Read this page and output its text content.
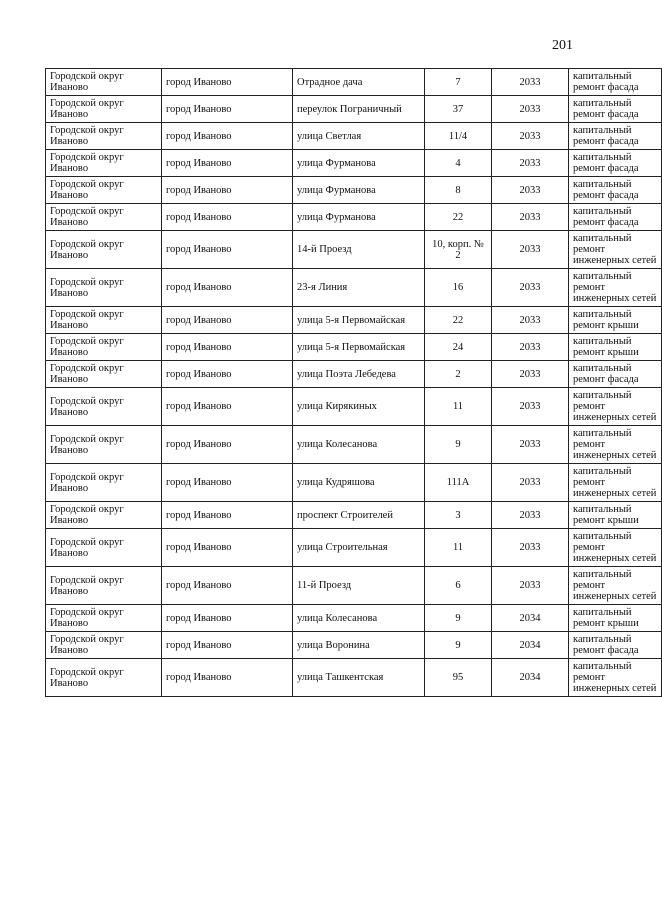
201
Городской округ Иваново	город Иваново	Отрадное дача	7	2033	капитальный ремонт фасада
Городской округ Иваново	город Иваново	переулок Пограничный	37	2033	капитальный ремонт фасада
Городской округ Иваново	город Иваново	улица Светлая	11/4	2033	капитальный ремонт фасада
Городской округ Иваново	город Иваново	улица Фурманова	4	2033	капитальный ремонт фасада
Городской округ Иваново	город Иваново	улица Фурманова	8	2033	капитальный ремонт фасада
Городской округ Иваново	город Иваново	улица Фурманова	22	2033	капитальный ремонт фасада
Городской округ Иваново	город Иваново	14-й Проезд	10, корп. № 2	2033	капитальный ремонт инженерных сетей
Городской округ Иваново	город Иваново	23-я Линия	16	2033	капитальный ремонт инженерных сетей
Городской округ Иваново	город Иваново	улица 5-я Первомайская	22	2033	капитальный ремонт крыши
Городской округ Иваново	город Иваново	улица 5-я Первомайская	24	2033	капитальный ремонт крыши
Городской округ Иваново	город Иваново	улица Поэта Лебедева	2	2033	капитальный ремонт фасада
Городской округ Иваново	город Иваново	улица Кирякиных	11	2033	капитальный ремонт инженерных сетей
Городской округ Иваново	город Иваново	улица Колесанова	9	2033	капитальный ремонт инженерных сетей
Городской округ Иваново	город Иваново	улица Кудряшова	111А	2033	капитальный ремонт инженерных сетей
Городской округ Иваново	город Иваново	проспект Строителей	3	2033	капитальный ремонт крыши
Городской округ Иваново	город Иваново	улица Строительная	11	2033	капитальный ремонт инженерных сетей
Городской округ Иваново	город Иваново	11-й Проезд	6	2033	капитальный ремонт инженерных сетей
Городской округ Иваново	город Иваново	улица Колесанова	9	2034	капитальный ремонт крыши
Городской округ Иваново	город Иваново	улица Воронина	9	2034	капитальный ремонт фасада
Городской округ Иваново	город Иваново	улица Ташкентская	95	2034	капитальный ремонт инженерных сетей
